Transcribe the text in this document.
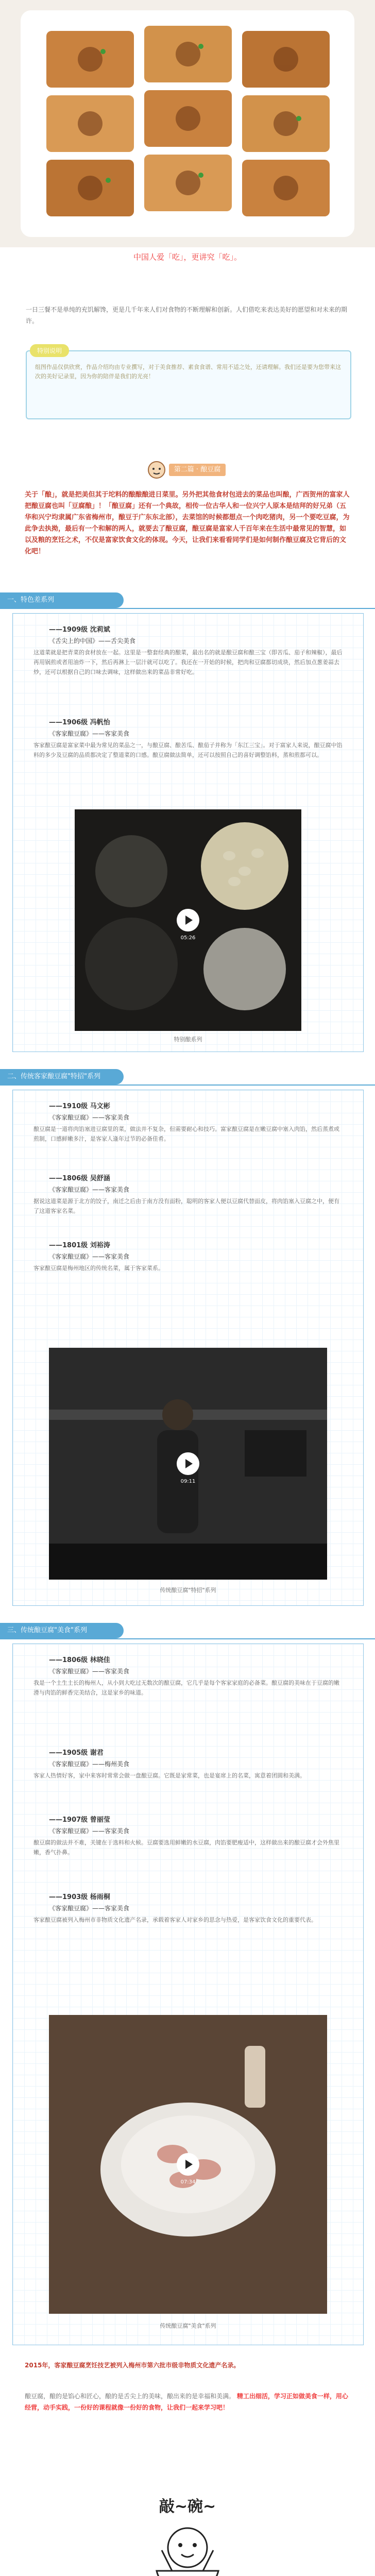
中国人爱「吃」，更讲究「吃」。
一日三餐不是单纯的充饥解馋，更是几千年来人们对食物的不断理解和创新。人们借吃来表达美好的愿望和对未来的期许。
特别说明
组图作品仅供欣赏，作品介绍均由专业撰写，对于美食推荐、素食食谱、常用不适之处，还请理解。我们还是要为您带来这次的美好记录里，因为你的陪伴是我们的光亮！
第二篇 · 酿豆腐
关于「酿」，就是把美但其于坨料的酿酿酿进日菜里。另外把其他食材包进去的菜品也叫酿，广西贺州的富家人把酿豆腐也叫「豆腐酿」！「酿豆腐」还有一个典故，相传一位古华人和一位兴宁人原本是结拜的好兄弟（五华和兴宁均隶属广东省梅州市，酿豆于广东东北部），去菜馆的时候都想点一个肉吃猪肉，另一个要吃豆腐，为此争去执拗，最后有一个和解的两人，就要去了酿豆腐，酿豆腐是富家人千百年来在生活中最常见的智慧，如以及粮的烹饪之术，不仅是富家饮食文化的体现。今天，让我们来看看同学们是如何制作酿豆腐及它背后的文化吧！
一、特色差系列
——1909级 沈莉斌
《舌尖上的中国》——舌尖美食
这道菜就是把青菜的食材放在一起。这里是一整套经典的酿菜，最出名的就是酿豆腐和酿三宝（即苦瓜、茄子和辣椒），最后再用锅煎或者用油炸一下，然后再淋上一层汁就可以吃了。我还在一开始的时候，把肉和豆腐都切成块，然后加点葱姜蒜去炒，还可以根据自己的口味去调味，这样做出来的菜品非常好吃。
——1906级 冯帆怡
《客家酿豆腐》——客家美食
客家酿豆腐是富家菜中最为常见的菜品之一，与酿豆腐、酿苦瓜、酿茄子并称为「东江三宝」。对于富家人来说，酿豆腐中馅料的多少及豆腐的品质都决定了整道菜的口感。酿豆腐做法简单，还可以按照自己的喜好调整馅料，蒸和煎都可以。
05:26
特别酿系列
二、传统客家酿豆腐"特招"系列
——1910级 马文彬
《客家酿豆腐》——客家美食
酿豆腐是一道将肉馅塞进豆腐里的菜，做法并不复杂，但需要耐心和技巧。富家酿豆腐是在嫩豆腐中塞入肉馅，然后蒸煮或煎制，口感鲜嫩多汁，是客家人逢年过节的必备佳肴。
——1806级 吴舒涵
《客家酿豆腐》——客家美食
据说这道菜是源于北方的饺子，南迁之后由于南方没有面粉，聪明的客家人便以豆腐代替面皮，将肉馅塞入豆腐之中，便有了这道客家名菜。
——1801级 刘裕涛
《客家酿豆腐》——客家美食
客家酿豆腐是梅州地区的传统名菜，属于客家菜系。
09:11
传统酿豆腐"特招"系列
三、传统酿豆腐"美食"系列
——1806级 林晓佳
《客家酿豆腐》——客家美食
我是一个土生土长的梅州人，从小到大吃过无数次的酿豆腐，它几乎是每个客家家庭的必备菜。酿豆腐的美味在于豆腐的嫩滑与肉馅的鲜香完美结合，这是家乡的味道。
——1905级 谢君
《客家酿豆腐》——梅州美食
客家人热情好客，家中来客时常常会做一盘酿豆腐。它既是家常菜，也是宴席上的名菜，寓意着团圆和美满。
——1907级 曾丽莹
《客家酿豆腐》——客家美食
酿豆腐的做法并不难，关键在于选料和火候。豆腐要选用鲜嫩的水豆腐，肉馅要肥瘦适中，这样做出来的酿豆腐才会外焦里嫩，香气扑鼻。
——1903级 杨雨桐
《客家酿豆腐》——客家美食
客家酿豆腐被列入梅州市非物质文化遗产名录，承载着客家人对家乡的思念与热爱，是客家饮食文化的重要代表。
07:34
传统酿豆腐"美食"系列
2015年，客家酿豆腐烹饪技艺被列入梅州市第六批市级非物质文化遗产名录。
酿豆腐，酿的是馅心和匠心，酿的是舌尖上的美味，酿出来的是幸福和美满。 精工出细活，学习正如做美食一样，用心经营，动手实践，一份好的课程就像一份好的食物，让我们一起来学习吧！
敲~碗~
